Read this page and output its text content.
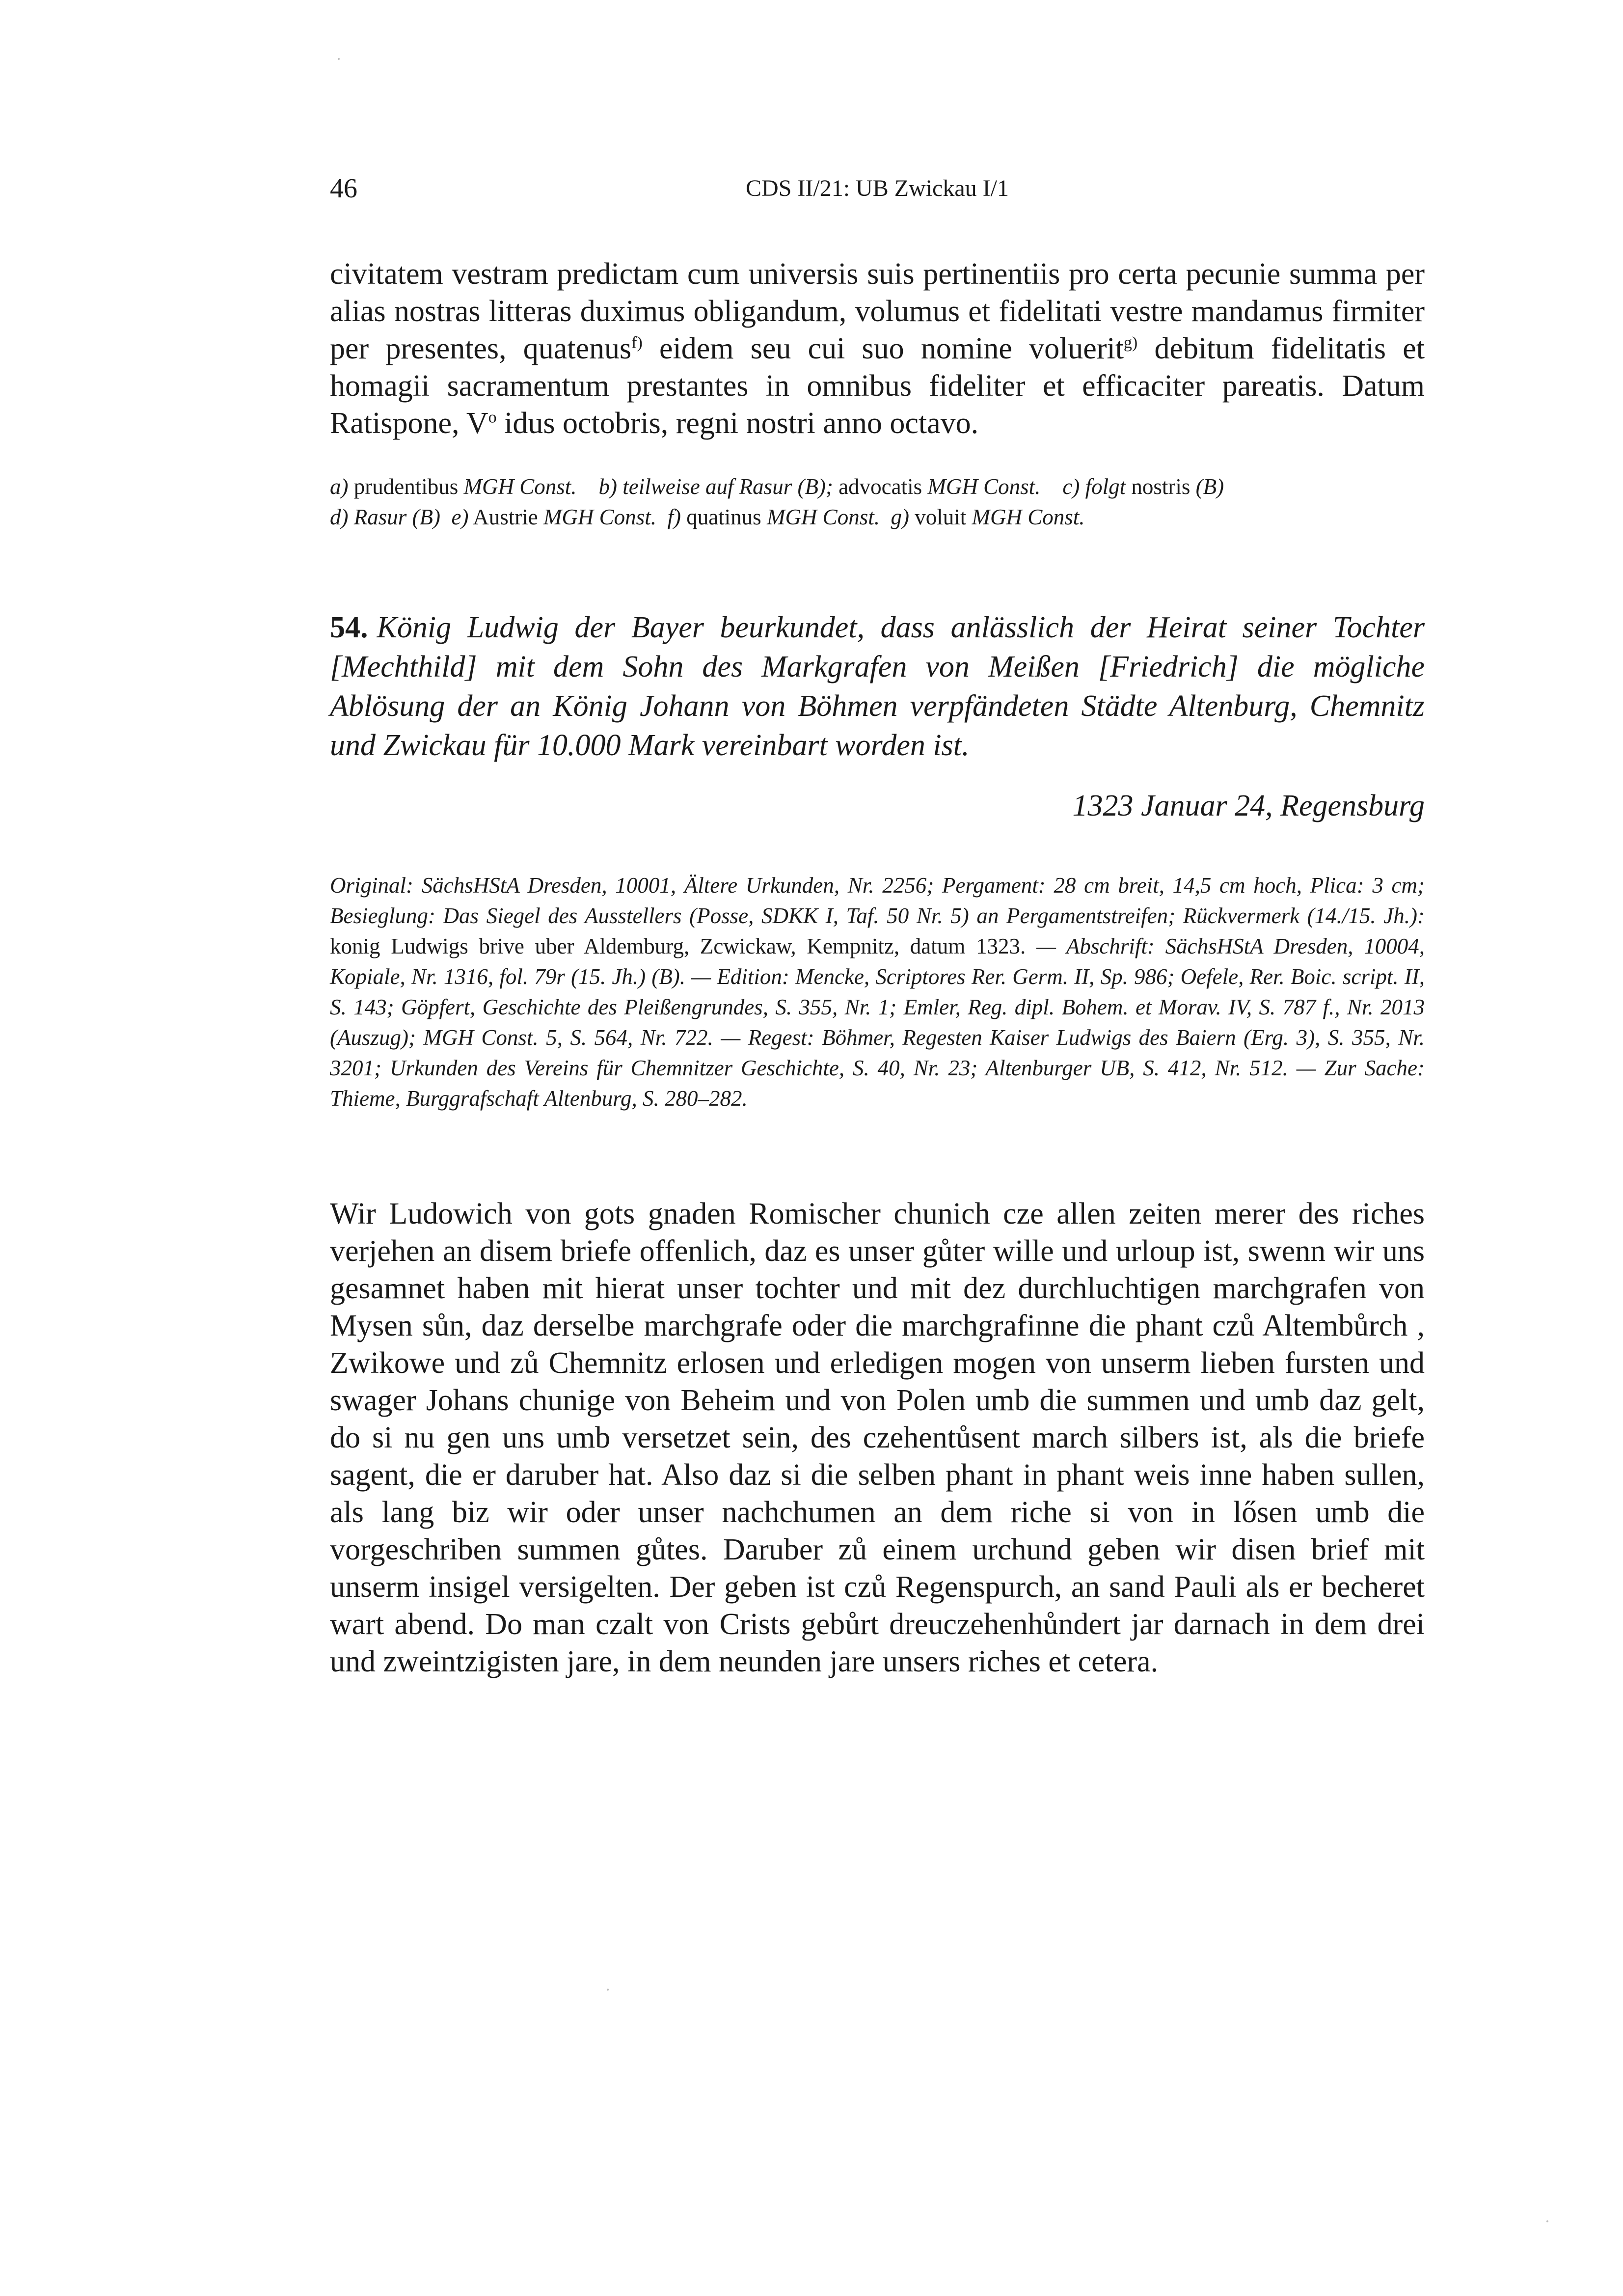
46	CDS II/21: UB Zwickau I/1
civitatem vestram predictam cum universis suis pertinentiis pro certa pecunie summa per alias nostras litteras duximus obligandum, volumus et fidelitati vestre mandamus firmiter per presentes, quatenus$^{f)}$ eidem seu cui suo nomine voluerit$^{g)}$ debitum fidelitatis et homagii sacramentum prestantes in omnibus fideliter et efficaciter pareatis. Datum Ratispone, $V^o$ idus octobris, regni nostri anno octavo.
a) prudentibus MGH Const.  b) teilweise auf Rasur (B); advocatis MGH Const.  c) folgt nostris (B)
d) Rasur (B)  e) Austrie MGH Const.  f) quatinus MGH Const.  g) voluit MGH Const.
54. König Ludwig der Bayer beurkundet, dass anlässlich der Heirat seiner Tochter [Mechthild] mit dem Sohn des Markgrafen von Meißen [Friedrich] die mögliche Ablösung der an König Johann von Böhmen verpfändeten Städte Altenburg, Chemnitz und Zwickau für 10.000 Mark vereinbart worden ist.
1323 Januar 24, Regensburg
Original: SächsHStA Dresden, 10001, Ältere Urkunden, Nr. 2256; Pergament: 28 cm breit, 14,5 cm hoch, Plica: 3 cm; Besieglung: Das Siegel des Ausstellers (Posse, SDKK I, Taf. 50 Nr. 5) an Pergamentstreifen; Rückvermerk (14./15. Jh.): konig Ludwigs brive uber Aldemburg, Zcwickaw, Kempnitz, datum 1323. — Abschrift: SächsHStA Dresden, 10004, Kopiale, Nr. 1316, fol. 79r (15. Jh.) (B). — Edition: Mencke, Scriptores Rer. Germ. II, Sp. 986; Oefele, Rer. Boic. script. II, S. 143; Göpfert, Geschichte des Pleißengrundes, S. 355, Nr. 1; Emler, Reg. dipl. Bohem. et Morav. IV, S. 787 f., Nr. 2013 (Auszug); MGH Const. 5, S. 564, Nr. 722. — Regest: Böhmer, Regesten Kaiser Ludwigs des Baiern (Erg. 3), S. 355, Nr. 3201; Urkunden des Vereins für Chemnitzer Geschichte, S. 40, Nr. 23; Altenburger UB, S. 412, Nr. 512. — Zur Sache: Thieme, Burggrafschaft Altenburg, S. 280–282.
Wir Ludowich von gots gnaden Romischer chunich cze allen zeiten merer des riches verjehen an disem briefe offenlich, daz es unser gůter wille und urloup ist, swenn wir uns gesamnet haben mit hierat unser tochter und mit dez durchluchtigen marchgrafen von Mysen sůn, daz derselbe marchgrafe oder die marchgrafinne die phant czů Altembůrch , Zwikowe und zů Chemnitz erlosen und erledigen mogen von unserm lieben fursten und swager Johans chunige von Beheim und von Polen umb die summen und umb daz gelt, do si nu gen uns umb versetzet sein, des czehentůsent march silbers ist, als die briefe sagent, die er daruber hat. Also daz si die selben phant in phant weis inne haben sullen, als lang biz wir oder unser nachchumen an dem riche si von in lősen umb die vorgeschriben summen gůtes. Daruber zů einem urchund geben wir disen brief mit unserm insigel versigelten. Der geben ist czů Regenspurch, an sand Pauli als er becheret wart abend. Do man czalt von Crists gebůrt dreuczehenhůndert jar darnach in dem drei und zweintzigisten jare, in dem neunden jare unsers riches et cetera.
